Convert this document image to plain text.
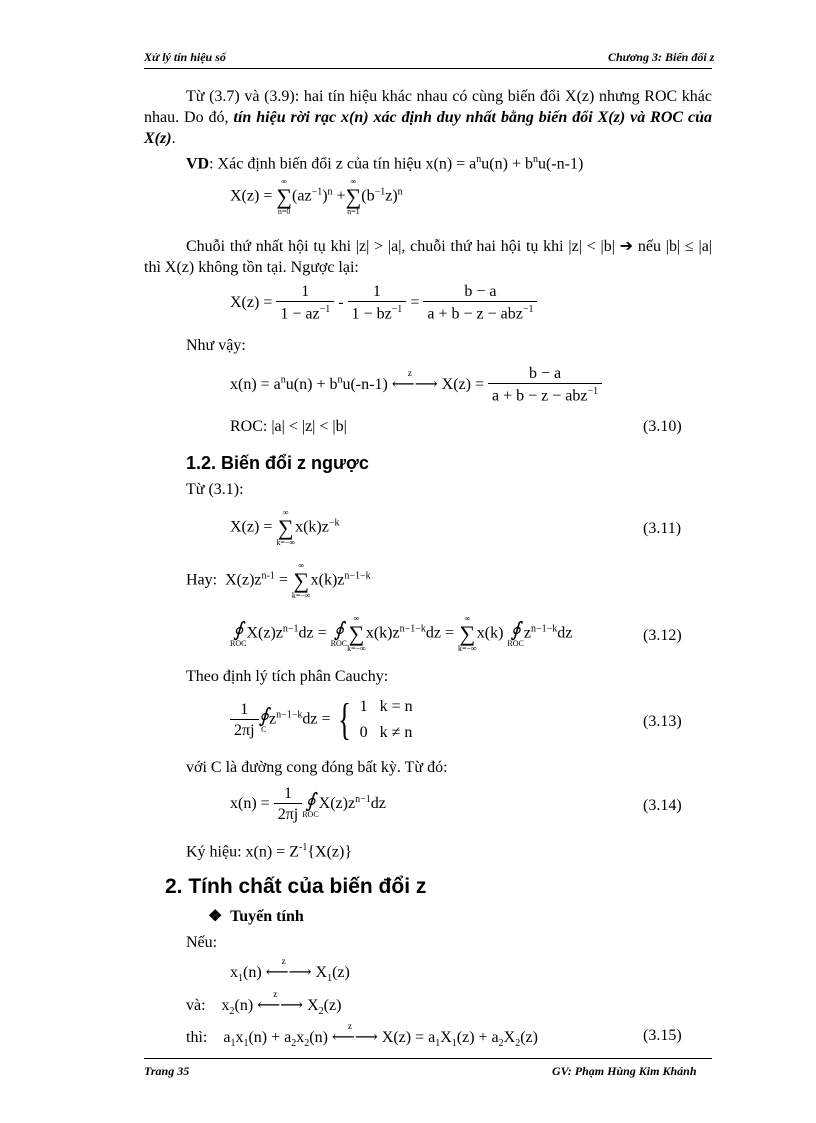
Xử lý tín hiệu số	Chương 3: Biến đổi z
Từ (3.7) và (3.9): hai tín hiệu khác nhau có cùng biến đổi X(z) nhưng ROC khác nhau. Do đó, tín hiệu rời rạc x(n) xác định duy nhất bằng biến đổi X(z) và ROC của X(z).
VD: Xác định biến đổi z của tín hiệu $x(n) = a^nu(n) + b^nu(-n-1)$
X(z) =
∞
∑
n=0
$(az^{-1})^n$ +
∞
∑
n=1
$(b^{-1}z)^n$
Chuỗi thứ nhất hội tụ khi |z| > |a|, chuỗi thứ hai hội tụ khi |z| < |b| ➔ nếu |b| ≤ |a| thì X(z) không tồn tại. Ngược lại:
$X(z) = \frac{1}{1 - az^{-1}} - \frac{1}{1 - bz^{-1}} = \frac{b - a}{a + b - z - abz^{-1}}$
Như vậy:
$x(n) = a^nu(n) + b^nu(-n-1)$
z
⟵⟶ $X(z) = \frac{b - a}{a + b - z - abz^{-1}}$
ROC: |a| < |z| < |b|	(3.10)
1.2. Biến đổi z ngược
Từ (3.1):
X(z) =
∞
∑
k=−∞
$x(k)z^{-k}$	(3.11)
Hay: $X(z)z^{n-1}$ =
∞
∑
k=−∞
$x(k)z^{n-1-k}$
∮
ROC
$X(z)z^{n-1}dz$ = ∮
ROC
∞
∑
k=−∞
$x(k)z^{n-1-k}dz$ =
∞
∑
k=−∞
x(k) ∮
ROC
$z^{n-1-k}dz$	(3.12)
Theo định lý tích phân Cauchy:
$\frac{1}{2\pi j}$ ∮
C
$z^{n-1-k}dz$ = { 1 k = n
0 k ≠ n
(3.13)
với C là đường cong đóng bất kỳ. Từ đó:
$x(n) = \frac{1}{2\pi j}$ ∮
ROC
$X(z)z^{n-1}dz$	(3.14)
Ký hiệu: $x(n) = Z^{-1}\{X(z)\}$
2. Tính chất của biến đổi z
❖ Tuyến tính
Nếu:
$x_1(n)$
z
⟵⟶ $X_1(z)$
và: $x_2(n)$
z
⟵⟶ $X_2(z)$
thì: $a_1x_1(n) + a_2x_2(n)$
z
⟵⟶ $X(z) = a_1X_1(z) + a_2X_2(z)$	(3.15)
Trang 35	GV: Phạm Hùng Kim Khánh
